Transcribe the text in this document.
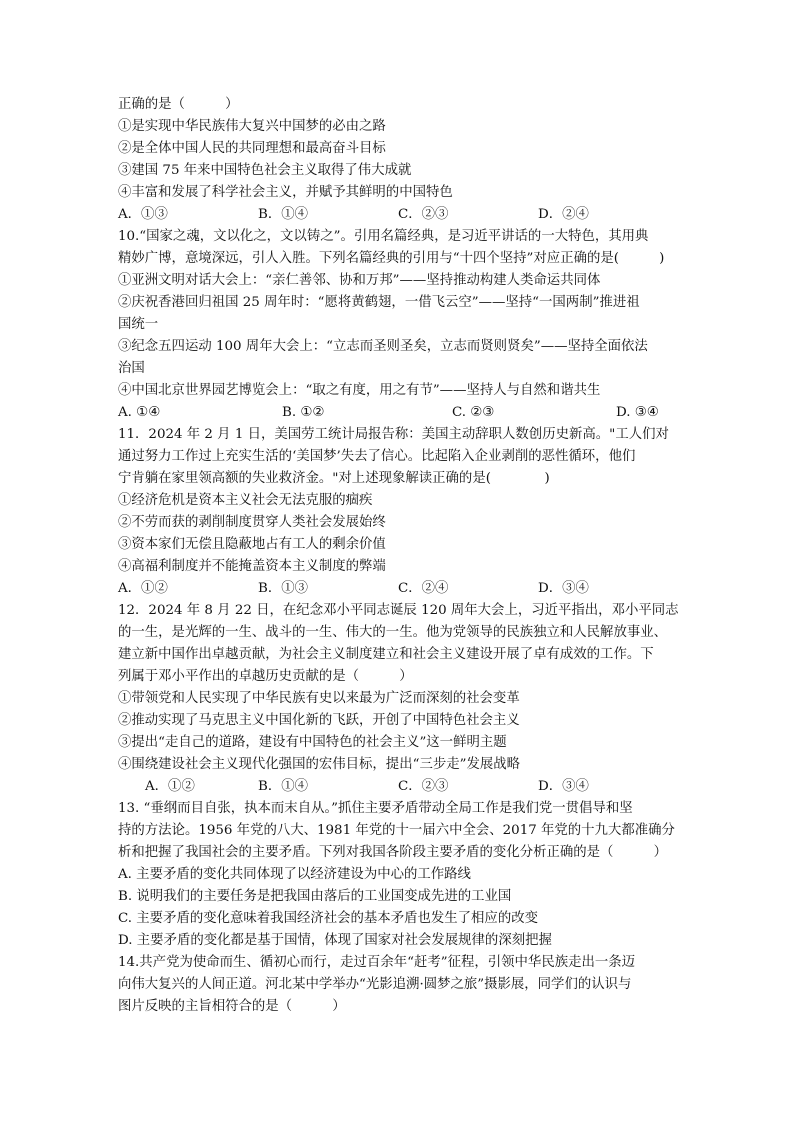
正确的是（　　　）
①是实现中华民族伟大复兴中国梦的必由之路
②是全体中国人民的共同理想和最高奋斗目标
③建国 75 年来中国特色社会主义取得了伟大成就
④丰富和发展了科学社会主义，并赋予其鲜明的中国特色
A．①③	B．①④	C．②③	D．②④
10.“国家之魂，文以化之，文以铸之”。引用名篇经典，是习近平讲话的一大特色，其用典
精妙广博，意境深远，引人入胜。下列名篇经典的引用与“十四个坚持”对应正确的是(　　　)
①亚洲文明对话大会上：“亲仁善邻、协和万邦”——坚持推动构建人类命运共同体
②庆祝香港回归祖国 25 周年时：“愿将黄鹤翅，一借飞云空”——坚持“一国两制”推进祖
国统一
③纪念五四运动 100 周年大会上：“立志而圣则圣矣，立志而贤则贤矣”——坚持全面依法
治国
④中国北京世界园艺博览会上：“取之有度，用之有节”——坚持人与自然和谐共生
A. ①④	B. ①②	C. ②③	D. ③④
11．2024 年 2 月 1 日，美国劳工统计局报告称：美国主动辞职人数创历史新高。"工人们对
通过努力工作过上充实生活的‘美国梦’失去了信心。比起陷入企业剥削的恶性循环，他们
宁肯躺在家里领高额的失业救济金。"对上述现象解读正确的是(　　　　)
①经济危机是资本主义社会无法克服的痼疾
②不劳而获的剥削制度贯穿人类社会发展始终
③资本家们无偿且隐蔽地占有工人的剩余价值
④高福利制度并不能掩盖资本主义制度的弊端
A．①②	B．①③	C．②④	D．③④
12．2024 年 8 月 22 日，在纪念邓小平同志诞辰 120 周年大会上，习近平指出，邓小平同志
的一生，是光辉的一生、战斗的一生、伟大的一生。他为党领导的民族独立和人民解放事业、
建立新中国作出卓越贡献，为社会主义制度建立和社会主义建设开展了卓有成效的工作。下
列属于邓小平作出的卓越历史贡献的是（　　　）
①带领党和人民实现了中华民族有史以来最为广泛而深刻的社会变革
②推动实现了马克思主义中国化新的飞跃，开创了中国特色社会主义
③提出“走自己的道路，建设有中国特色的社会主义”这一鲜明主题
④围绕建设社会主义现代化强国的宏伟目标，提出“三步走”发展战略
A．①②	B．①④	C．②③	D．③④
13. “垂纲而目自张，执本而末自从。”抓住主要矛盾带动全局工作是我们党一贯倡导和坚
持的方法论。1956 年党的八大、1981 年党的十一届六中全会、2017 年党的十九大都准确分
析和把握了我国社会的主要矛盾。下列对我国各阶段主要矛盾的变化分析正确的是（　　　）
A. 主要矛盾的变化共同体现了以经济建设为中心的工作路线
B. 说明我们的主要任务是把我国由落后的工业国变成先进的工业国
C. 主要矛盾的变化意味着我国经济社会的基本矛盾也发生了相应的改变
D. 主要矛盾的变化都是基于国情，体现了国家对社会发展规律的深刻把握
14.共产党为使命而生、循初心而行，走过百余年“赶考”征程，引领中华民族走出一条迈
向伟大复兴的人间正道。河北某中学举办“光影追溯·圆梦之旅”摄影展，同学们的认识与
图片反映的主旨相符合的是（　　　）
